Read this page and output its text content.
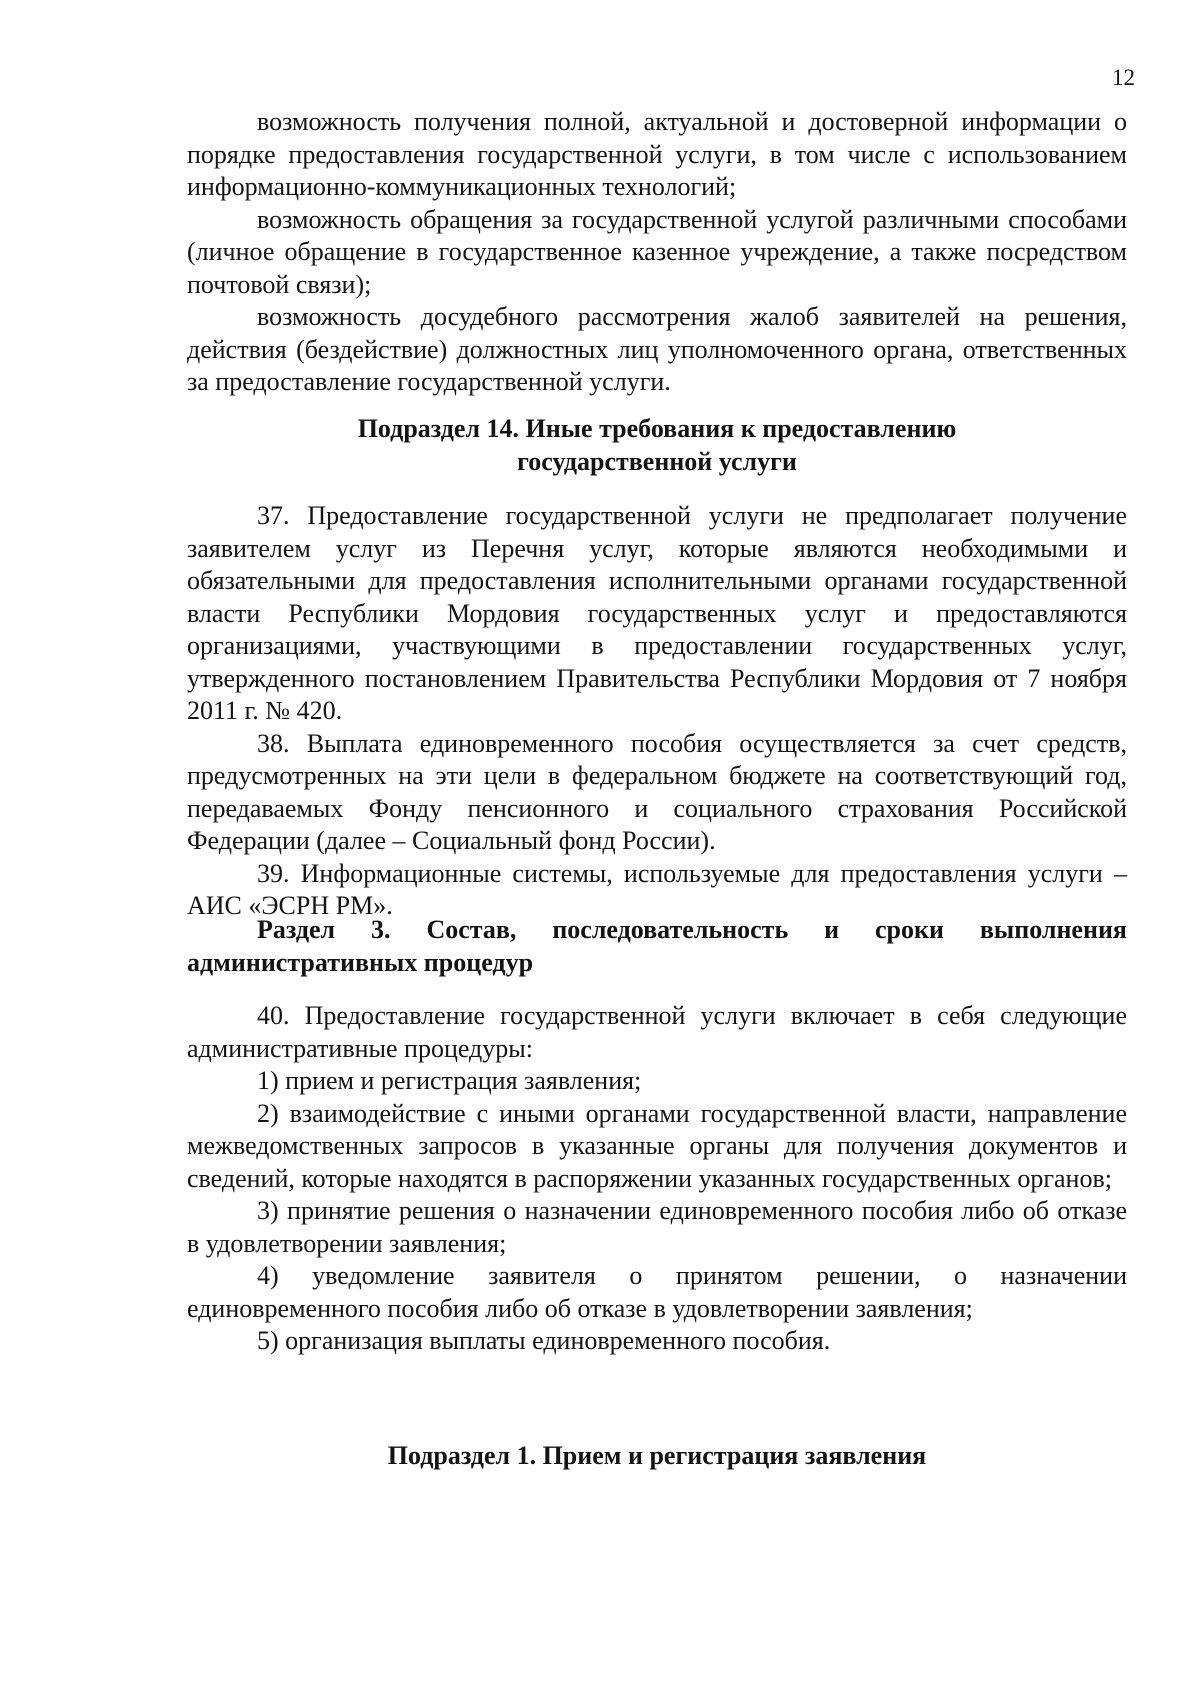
12

возможность получения полной, актуальной и достоверной информации о порядке предоставления государственной услуги, в том числе с использованием информационно-коммуникационных технологий;

возможность обращения за государственной услугой различными способами (личное обращение в государственное казенное учреждение, а также посредством почтовой связи);

возможность досудебного рассмотрения жалоб заявителей на решения, действия (бездействие) должностных лиц уполномоченного органа, ответственных за предоставление государственной услуги.

Подраздел 14. Иные требования к предоставлению
государственной услуги

37. Предоставление государственной услуги не предполагает получение заявителем услуг из Перечня услуг, которые являются необходимыми и обязательными для предоставления исполнительными органами государственной власти Республики Мордовия государственных услуг и предоставляются организациями, участвующими в предоставлении государственных услуг, утвержденного постановлением Правительства Республики Мордовия от 7 ноября 2011 г. № 420.

38. Выплата единовременного пособия осуществляется за счет средств, предусмотренных на эти цели в федеральном бюджете на соответствующий год, передаваемых Фонду пенсионного и социального страхования Российской Федерации (далее – Социальный фонд России).

39. Информационные системы, используемые для предоставления услуги – АИС «ЭСРН РМ».

Раздел 3. Состав, последовательность и сроки выполнения административных процедур

40. Предоставление государственной услуги включает в себя следующие административные процедуры:

1) прием и регистрация заявления;

2) взаимодействие с иными органами государственной власти, направление межведомственных запросов в указанные органы для получения документов и сведений, которые находятся в распоряжении указанных государственных органов;

3) принятие решения о назначении единовременного пособия либо об отказе в удовлетворении заявления;

4) уведомление заявителя о принятом решении, о назначении единовременного пособия либо об отказе в удовлетворении заявления;

5) организация выплаты единовременного пособия.

Подраздел 1. Прием и регистрация заявления
